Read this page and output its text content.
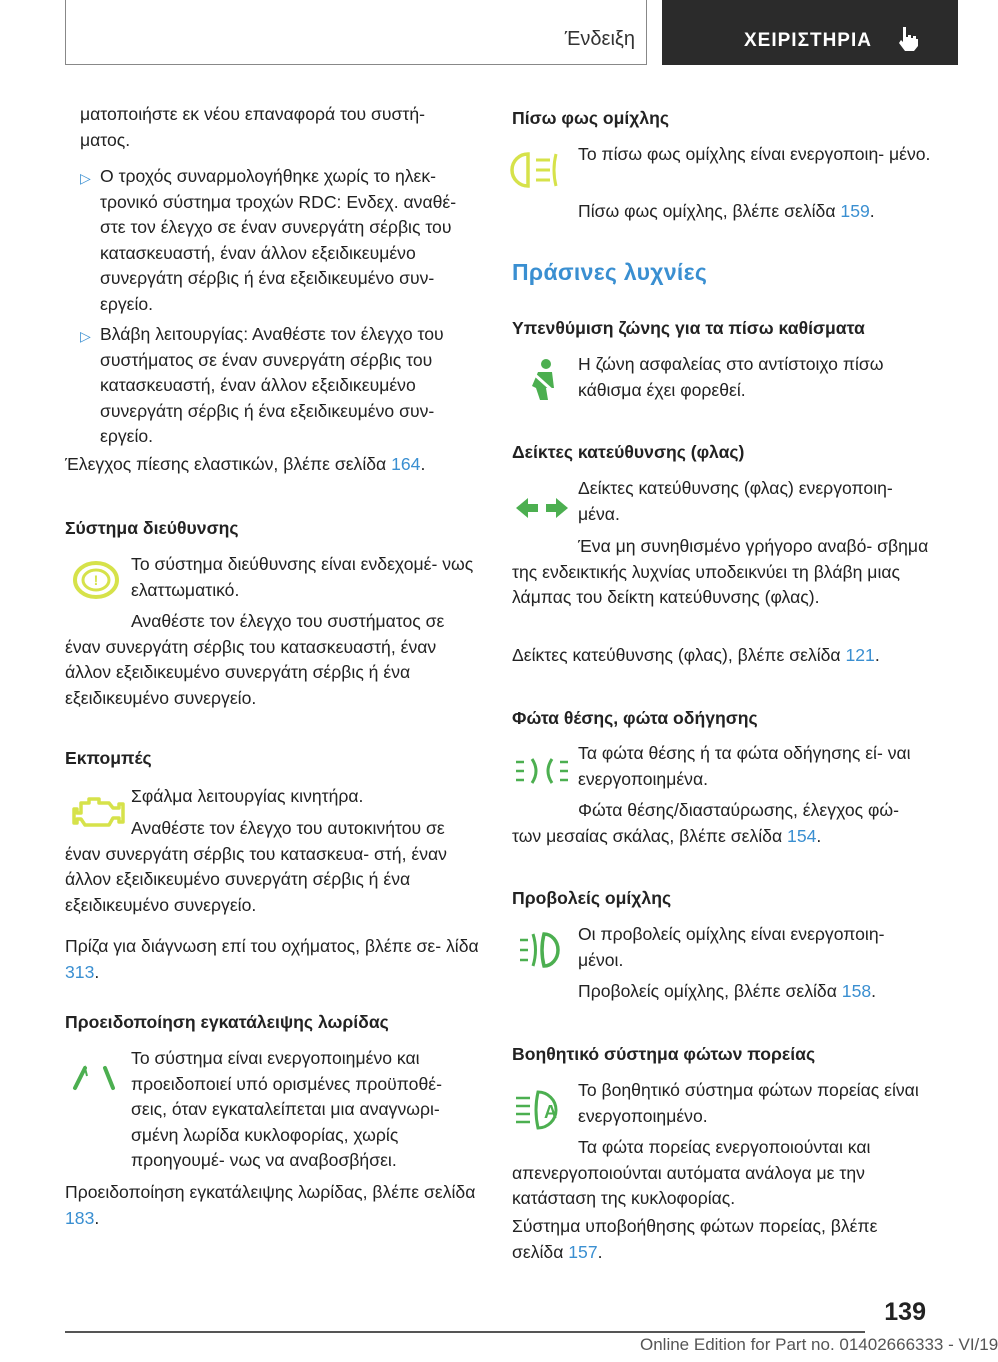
Ένδειξη	ΧΕΙΡΙΣΤΗΡΙΑ
ματοποιήστε εκ νέου επαναφορά του συστή‐ ματος.
▷ Ο τροχός συναρμολογήθηκε χωρίς το ηλεκ‐ τρονικό σύστημα τροχών RDC: Ενδεχ. αναθέ‐ στε τον έλεγχο σε έναν συνεργάτη σέρβις του κατασκευαστή, έναν άλλον εξειδικευμένο συνεργάτη σέρβις ή ένα εξειδικευμένο συν‐ εργείο.
▷ Βλάβη λειτουργίας: Αναθέστε τον έλεγχο του συστήματος σε έναν συνεργάτη σέρβις του κατασκευαστή, έναν άλλον εξειδικευμένο συνεργάτη σέρβις ή ένα εξειδικευμένο συν‐ εργείο.
Έλεγχος πίεσης ελαστικών, βλέπε σελίδα 164.
Σύστημα διεύθυνσης
!
Το σύστημα διεύθυνσης είναι ενδεχομέ‐ νως ελαττωματικό.
Αναθέστε τον έλεγχο του συστήματος σε έναν συνεργάτη σέρβις του κατασκευαστή, έναν άλλον εξειδικευμένο συνεργάτη σέρβις ή ένα εξειδικευμένο συνεργείο.
Εκπομπές
Σφάλμα λειτουργίας κινητήρα.
Αναθέστε τον έλεγχο του αυτοκινήτου σε έναν συνεργάτη σέρβις του κατασκευα‐ στή, έναν άλλον εξειδικευμένο συνεργάτη σέρβις ή ένα εξειδικευμένο συνεργείο.
Πρίζα για διάγνωση επί του οχήματος, βλέπε σε‐ λίδα 313.
Προειδοποίηση εγκατάλειψης λωρίδας
Το σύστημα είναι ενεργοποιημένο και προειδοποιεί υπό ορισμένες προϋποθέ‐ σεις, όταν εγκαταλείπεται μια αναγνωρι‐ σμένη λωρίδα κυκλοφορίας, χωρίς προηγουμέ‐ νως να αναβοσβήσει.
Προειδοποίηση εγκατάλειψης λωρίδας, βλέπε σελίδα 183.
Πίσω φως ομίχλης
Το πίσω φως ομίχλης είναι ενεργοποιη‐ μένο.
Πίσω φως ομίχλης, βλέπε σελίδα 159.
Πράσινες λυχνίες
Υπενθύμιση ζώνης για τα πίσω καθίσματα
Η ζώνη ασφαλείας στο αντίστοιχο πίσω κάθισμα έχει φορεθεί.
Δείκτες κατεύθυνσης (φλας)
Δείκτες κατεύθυνσης (φλας) ενεργοποιη‐ μένα.
Ένα μη συνηθισμένο γρήγορο αναβό‐ σβημα της ενδεικτικής λυχνίας υποδεικνύει τη βλάβη μιας λάμπας του δείκτη κατεύθυνσης (φλας).
Δείκτες κατεύθυνσης (φλας), βλέπε σελίδα 121.
Φώτα θέσης, φώτα οδήγησης
Τα φώτα θέσης ή τα φώτα οδήγησης εί‐ ναι ενεργοποιημένα.
Φώτα θέσης/διασταύρωσης, έλεγχος φώ‐ των μεσαίας σκάλας, βλέπε σελίδα 154.
Προβολείς ομίχλης
Οι προβολείς ομίχλης είναι ενεργοποιη‐ μένοι.
Προβολείς ομίχλης, βλέπε σελίδα 158.
Βοηθητικό σύστημα φώτων πορείας
A
Το βοηθητικό σύστημα φώτων πορείας είναι ενεργοποιημένο.
Τα φώτα πορείας ενεργοποιούνται και απενεργοποιούνται αυτόματα ανάλογα με την κατάσταση της κυκλοφορίας.
Σύστημα υποβοήθησης φώτων πορείας, βλέπε σελίδα 157.
139
Online Edition for Part no. 01402666333 - VI/19
